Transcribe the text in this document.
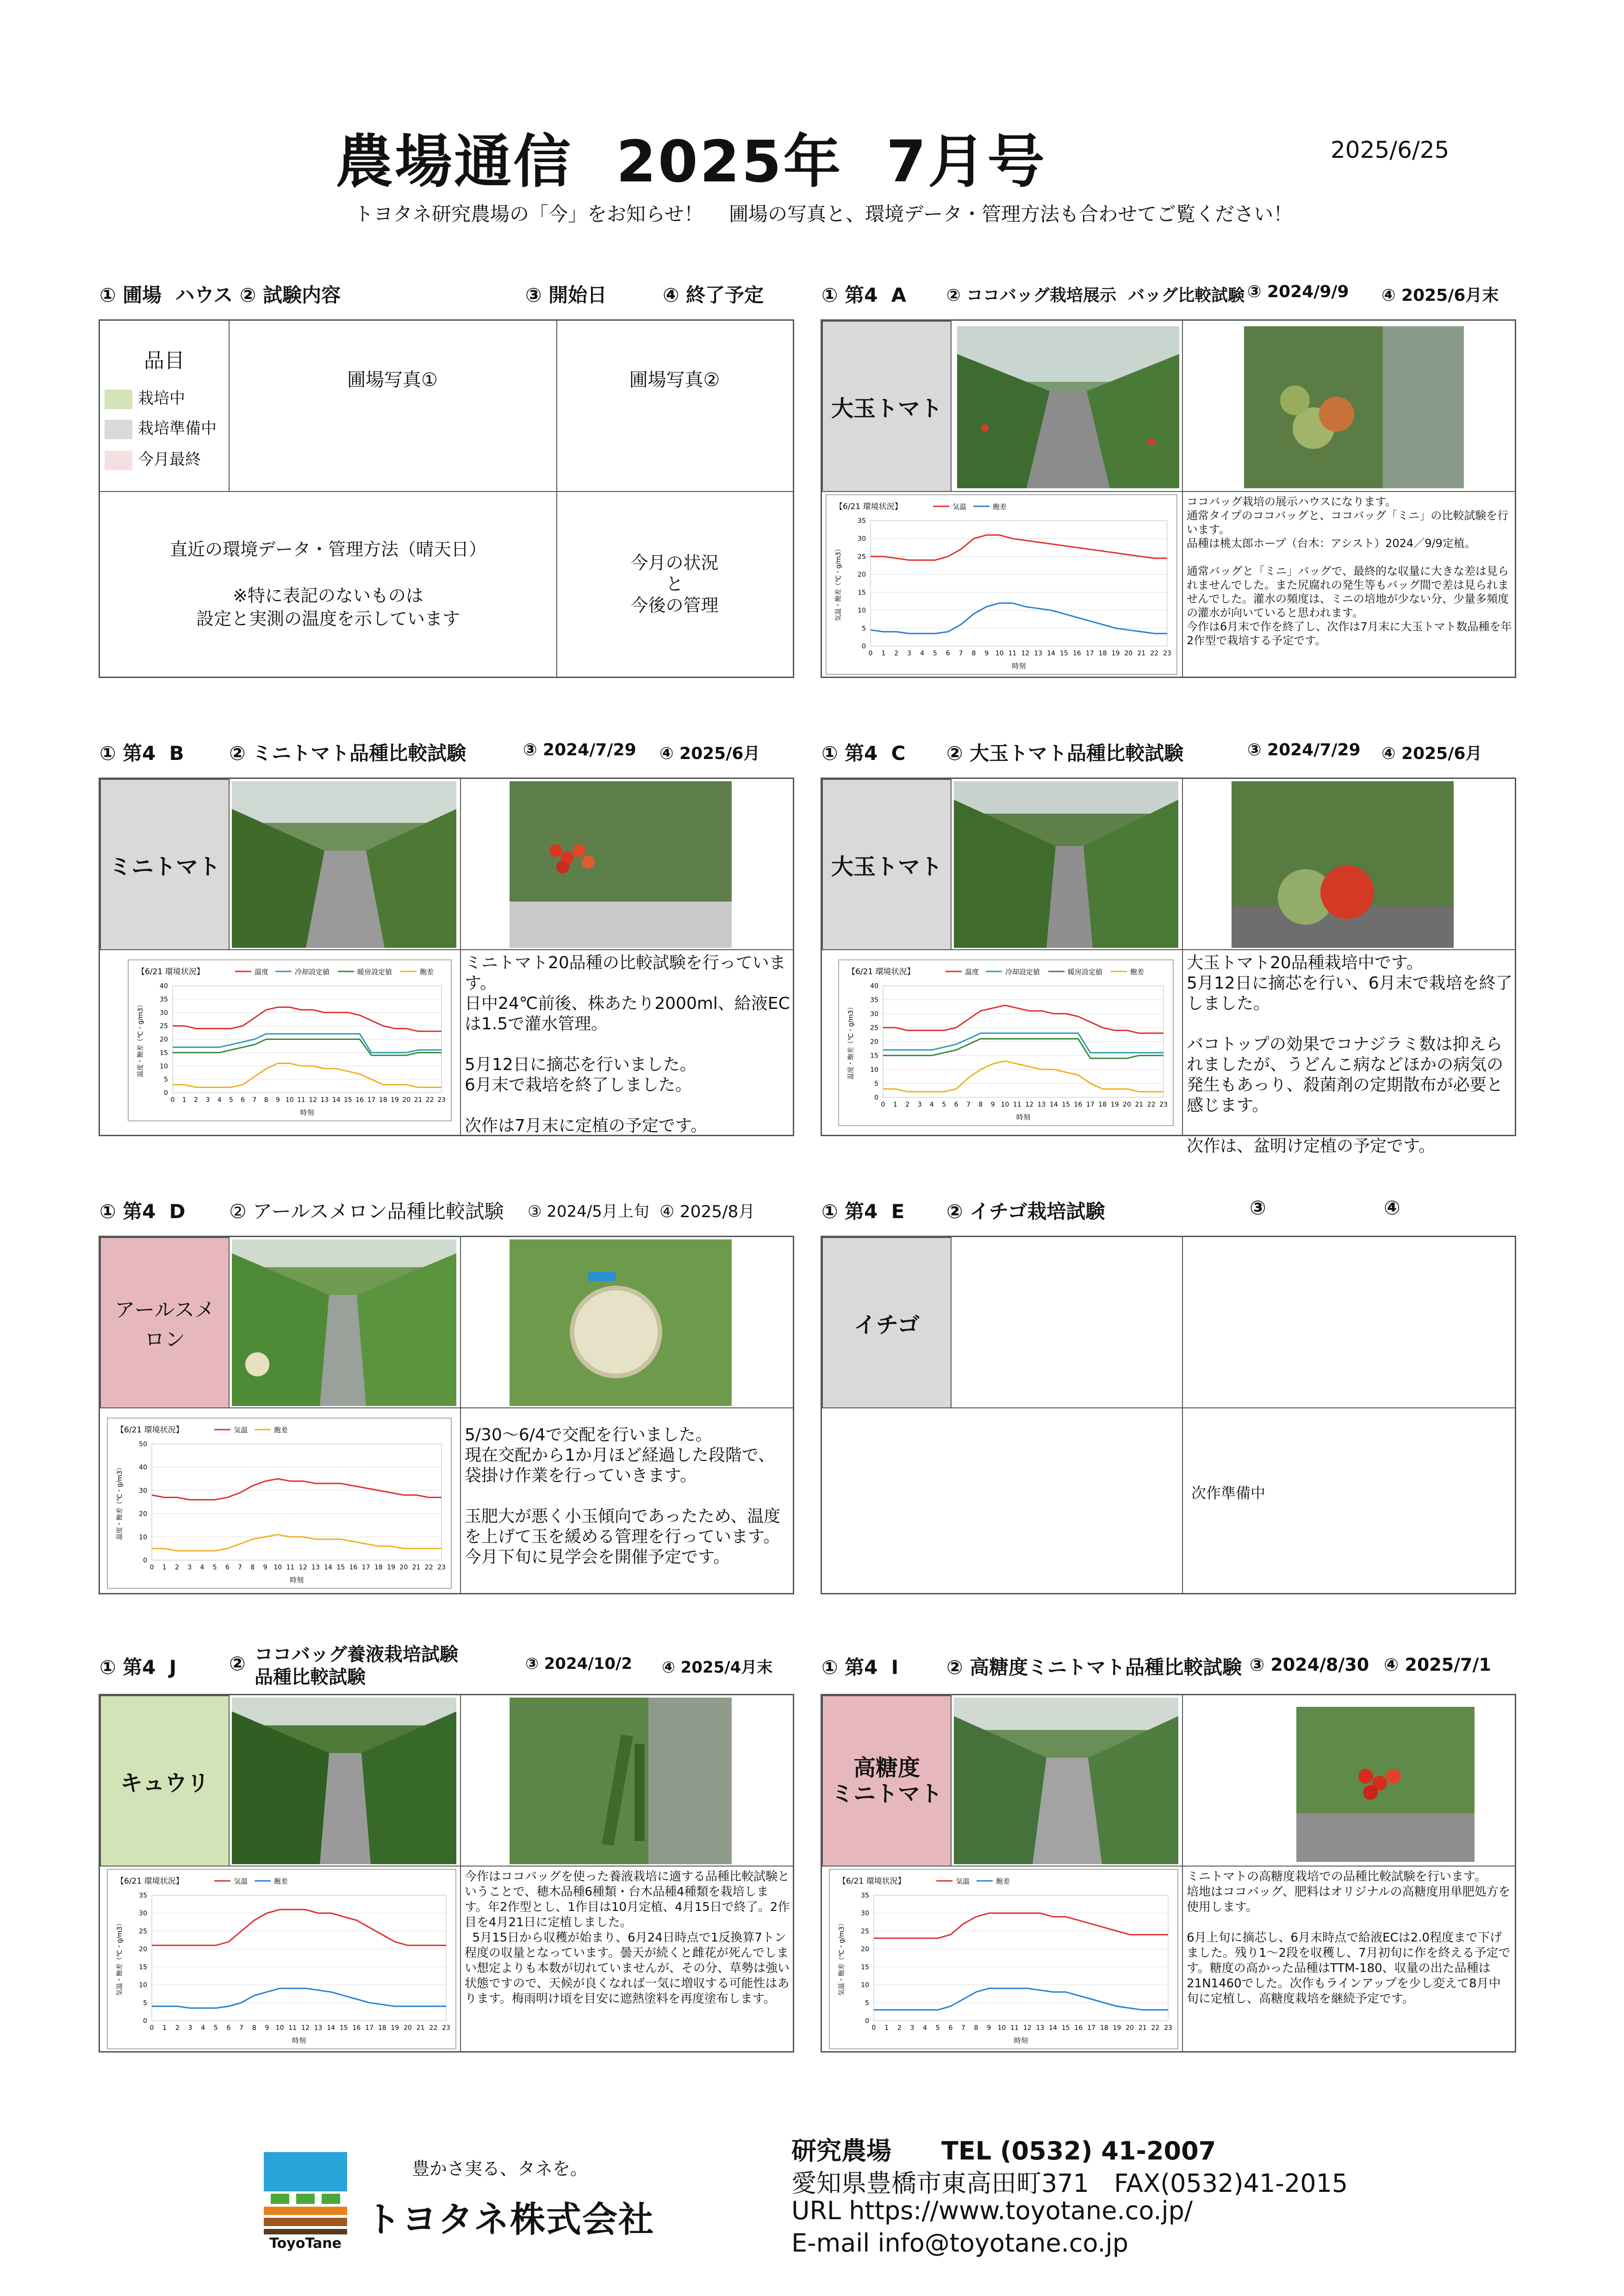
農場通信  2025年  7月号	2025/6/25
トヨタネ研究農場の「今」をお知らせ！　 圃場の写真と、環境データ・管理方法も合わせてご覧ください！
① 圃場  ハウス ② 試験内容	③ 開始日	④ 終了予定
品目
栽培中
栽培準備中
今月最終
圃場写真①	圃場写真②
直近の環境データ・管理方法（晴天日）

※特に表記のないものは
設定と実測の温度を示しています
今月の状況
と
今後の管理
① 第4  A ② ココバッグ栽培展示  バッグ比較試験 ③ 2024/9/9 ④ 2025/6月末
大玉トマト
【6/21 環境状況】	気温	飽差
0
5
10
15
20
25
30
35
0 1 2 3 4 5 6 7 8 9 10 11 12 13 14 15 16 17 18 19 20 21 22 23
時刻
気温・飽差（℃・g/m3）
ココバッグ栽培の展示ハウスになります。
通常タイプのココバッグと、ココバッグ「ミニ」の比較試験を行います。
品種は桃太郎ホープ（台木：アシスト）2024／9/9定植。

通常バッグと「ミニ」バッグで、最終的な収量に大きな差は見られませんでした。また尻腐れの発生等もバッグ間で差は見られませんでした。灌水の頻度は、ミニの培地が少ない分、少量多頻度の灌水が向いていると思われます。
今作は6月末で作を終了し、次作は7月末に大玉トマト数品種を年2作型で栽培する予定です。
① 第4  B ② ミニトマト品種比較試験	③ 2024/7/29 ④ 2025/6月
ミニトマト
【6/21 環境状況】	温度	冷却設定値	暖房設定値	飽差
0
5
10
15
20
25
30
35
40
0 1 2 3 4 5 6 7 8 9 10 11 12 13 14 15 16 17 18 19 20 21 22 23
時刻
温度・飽差（℃・g/m3）
ミニトマト20品種の比較試験を行っています。
日中24℃前後、株あたり2000ml、給液ECは1.5で灌水管理。

5月12日に摘芯を行いました。
6月末で栽培を終了しました。

次作は7月末に定植の予定です。
① 第4  C ② 大玉トマト品種比較試験	③ 2024/7/29 ④ 2025/6月
大玉トマト
【6/21 環境状況】	温度	冷却設定値	暖房設定値	飽差
0
5
10
15
20
25
30
35
40
0 1 2 3 4 5 6 7 8 9 10 11 12 13 14 15 16 17 18 19 20 21 22 23
時刻
温度・飽差（℃・g/m3）
大玉トマト20品種栽培中です。
5月12日に摘芯を行い、6月末で栽培を終了しました。

バコトップの効果でコナジラミ数は抑えられましたが、うどんこ病などほかの病気の発生もあっり、殺菌剤の定期散布が必要と感じます。

次作は、盆明け定植の予定です。
① 第4  D ② アールスメロン品種比較試験 ③ 2024/5月上旬 ④ 2025/8月
アールスメロン
【6/21 環境状況】	気温	飽差
0
10
20
30
40
50
0 1 2 3 4 5 6 7 8 9 10 11 12 13 14 15 16 17 18 19 20 21 22 23
時刻
温度・飽差（℃・g/m3）
5/30～6/4で交配を行いました。
現在交配から1か月ほど経過した段階で、袋掛け作業を行っていきます。

玉肥大が悪く小玉傾向であったため、温度を上げて玉を緩める管理を行っています。今月下旬に見学会を開催予定です。
① 第4  E ② イチゴ栽培試験	③	④
イチゴ
次作準備中
① 第4  J	② ココバッグ養液栽培試験
品種比較試験
③ 2024/10/2 ④ 2025/4月末
キュウリ
【6/21 環境状況】	気温	飽差
0
5
10
15
20
25
30
35
0 1 2 3 4 5 6 7 8 9 10 11 12 13 14 15 16 17 18 19 20 21 22 23
時刻
気温・飽差（℃・g/m3）
今作はココバッグを使った養液栽培に適する品種比較試験ということで、穂木品種6種類・台木品種4種類を栽培します。年2作型とし、1作目は10月定植、4月15日で終了。2作目を4月21日に定植しました。
5月15日から収穫が始まり、6月24日時点で1反換算7トン程度の収量となっています。曇天が続くと雌花が死んでしまい想定よりも本数が切れていませんが、その分、草勢は強い状態ですので、天候が良くなれば一気に増収する可能性はあります。梅雨明け頃を目安に遮熱塗料を再度塗布します。
① 第4  I ② 高糖度ミニトマト品種比較試験 ③ 2024/8/30 ④ 2025/7/1
高糖度
ミニトマト
【6/21 環境状況】	気温	飽差
0
5
10
15
20
25
30
35
0 1 2 3 4 5 6 7 8 9 10 11 12 13 14 15 16 17 18 19 20 21 22 23
時刻
気温・飽差（℃・g/m3）
ミニトマトの高糖度栽培での品種比較試験を行います。
培地はココバッグ、肥料はオリジナルの高糖度用単肥処方を使用します。

6月上旬に摘芯し、6月末時点で給液ECは2.0程度まで下げました。残り1～2段を収穫し、7月初旬に作を終える予定です。糖度の高かった品種はTTM-180、収量の出た品種は21N1460でした。次作もラインアップを少し変えて8月中旬に定植し、高糖度栽培を継続予定です。
ToyoTane
豊かさ実る、タネを。
トヨタネ株式会社
研究農場　　TEL (0532) 41-2007
愛知県豊橋市東高田町371　FAX(0532)41-2015
URL https://www.toyotane.co.jp/
E-mail info@toyotane.co.jp
